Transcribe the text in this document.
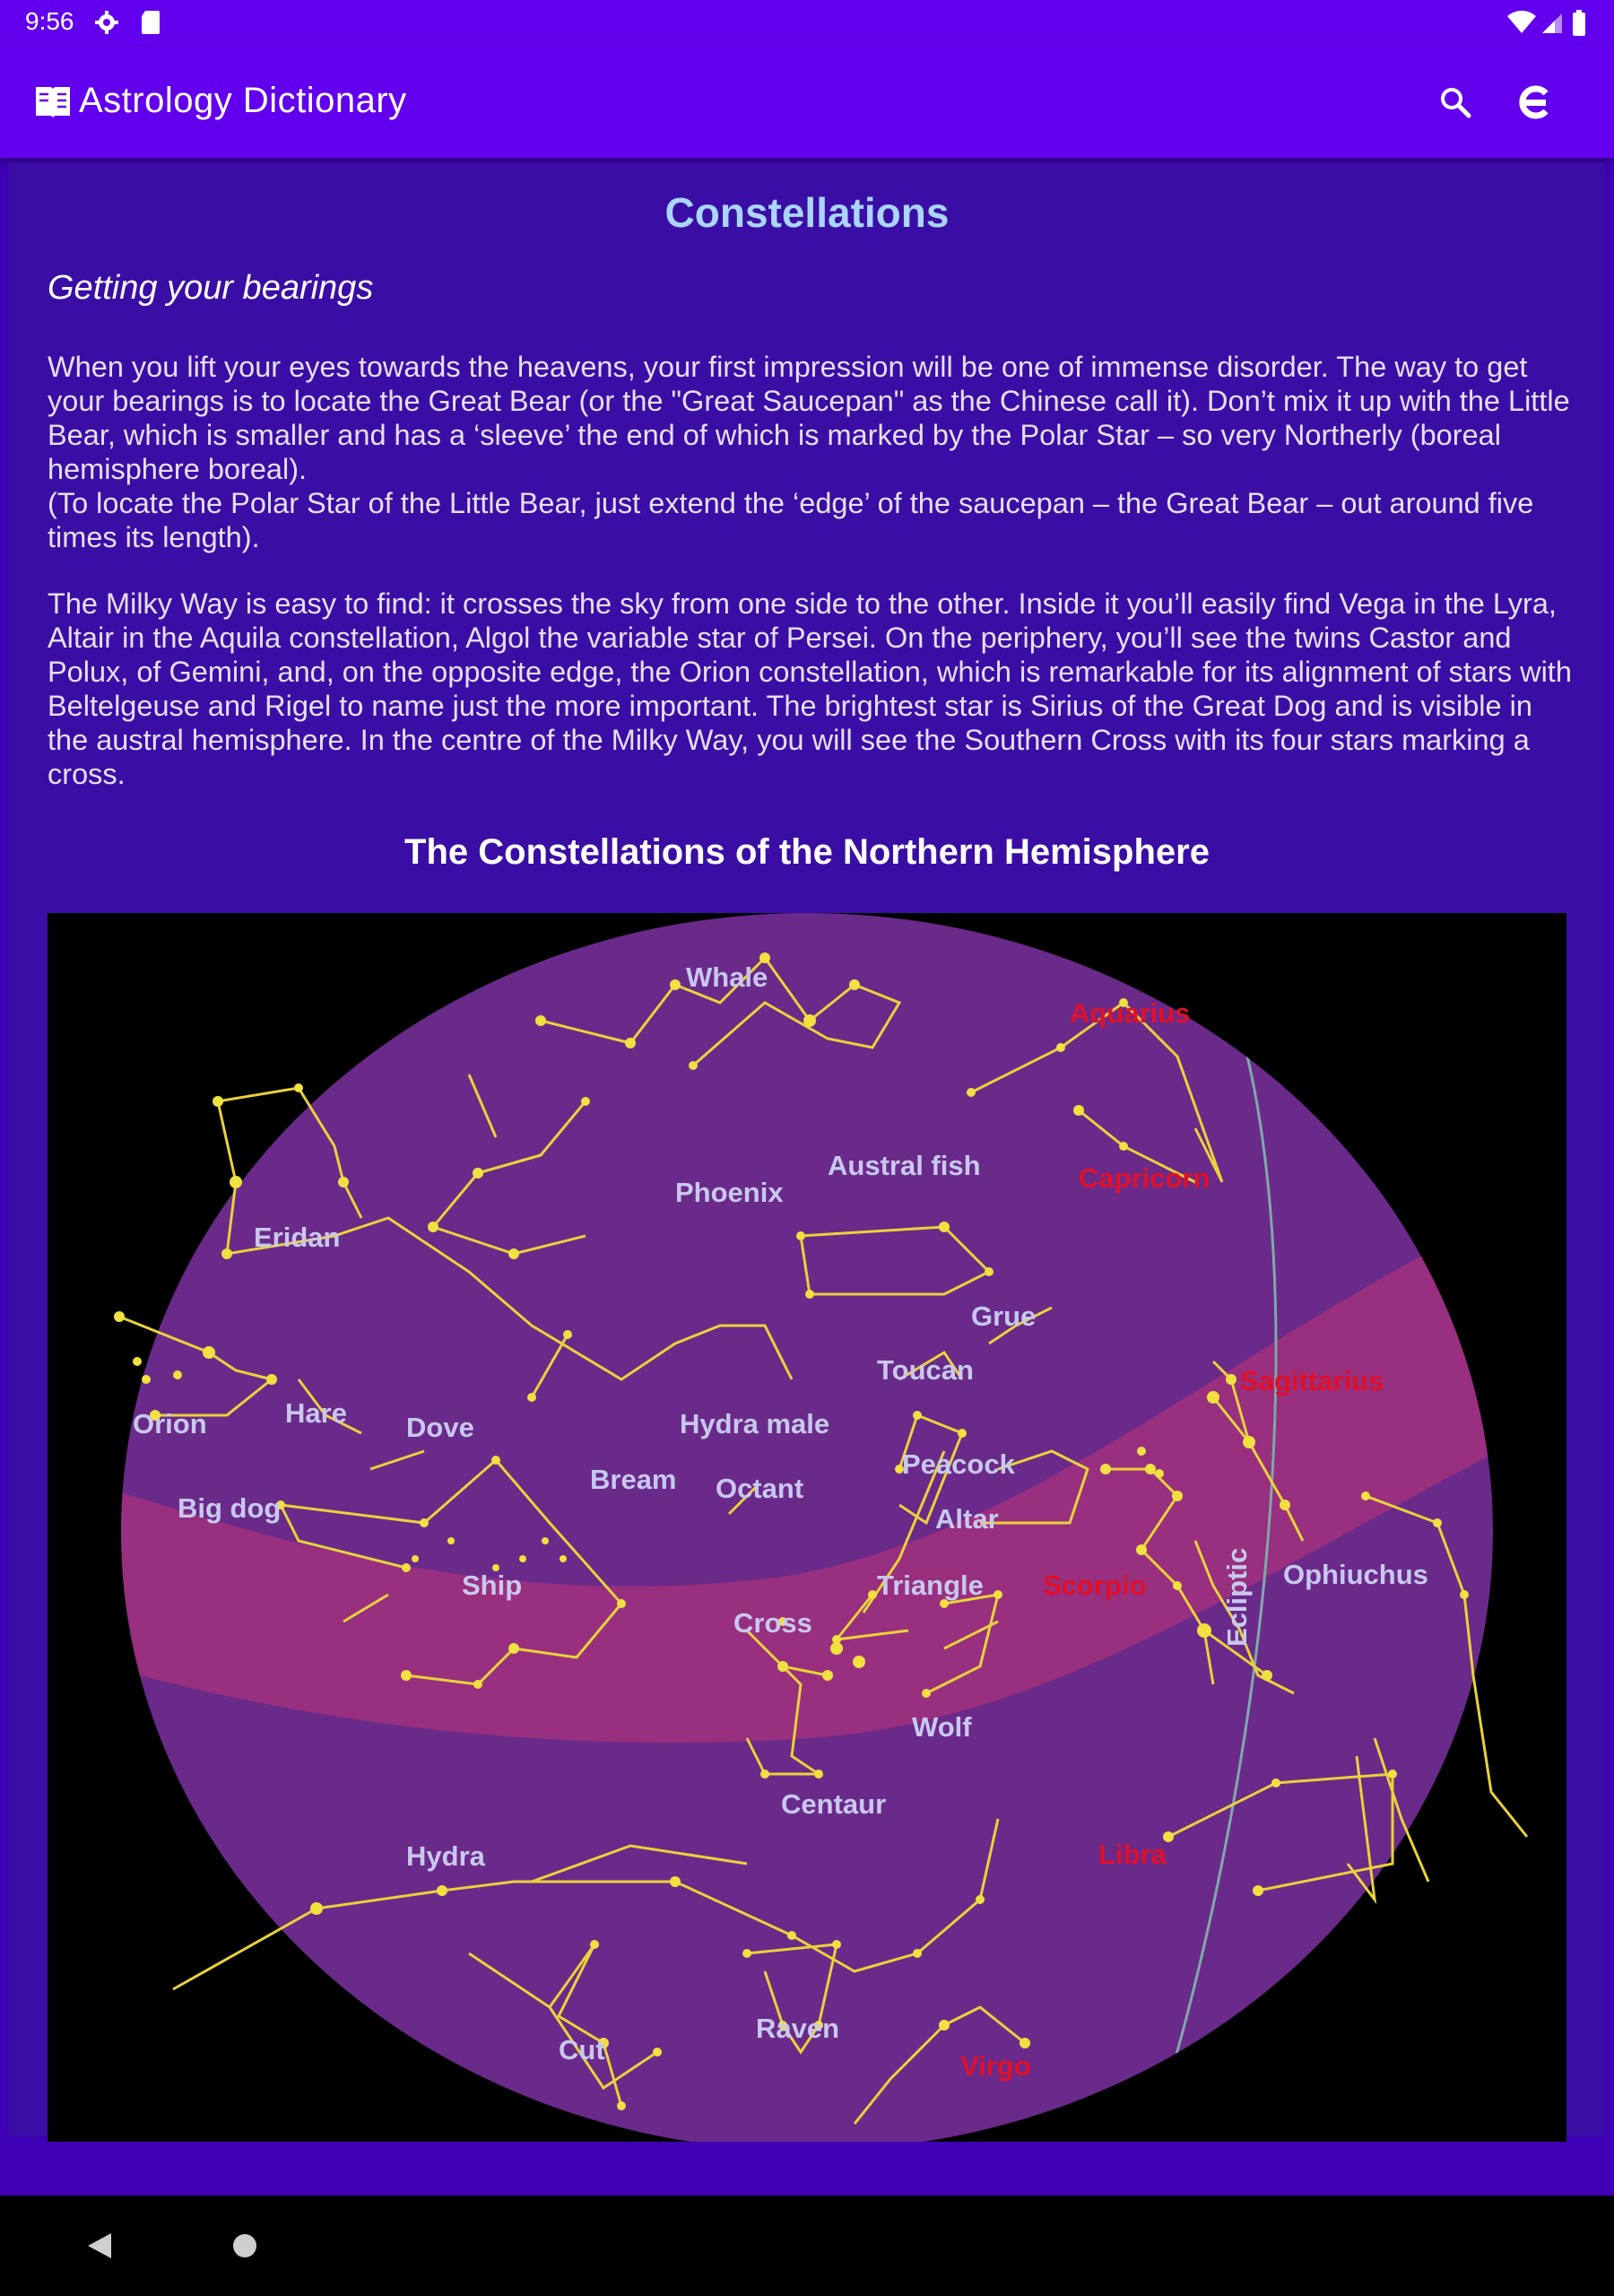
9:56
Astrology Dictionary
Constellations
Getting your bearings
When you lift your eyes towards the heavens, your first impression will be one of immense disorder. The way to get your bearings is to locate the Great Bear (or the "Great Saucepan" as the Chinese call it). Don’t mix it up with the Little Bear, which is smaller and has a ‘sleeve’ the end of which is marked by the Polar Star – so very Northerly (boreal hemisphere boreal).
(To locate the Polar Star of the Little Bear, just extend the ‘edge’ of the saucepan – the Great Bear – out around five times its length).
The Milky Way is easy to find: it crosses the sky from one side to the other. Inside it you’ll easily find Vega in the Lyra, Altair in the Aquila constellation, Algol the variable star of Persei. On the periphery, you’ll see the twins Castor and Polux, of Gemini, and, on the opposite edge, the Orion constellation, which is remarkable for its alignment of stars with Beltelgeuse and Rigel to name just the more important. The brightest star is Sirius of the Great Dog and is visible in the austral hemisphere. In the centre of the Milky Way, you will see the Southern Cross with its four stars marking a cross.
The Constellations of the Northern Hemisphere
Whale
Austral fish
Phoenix
Eridan
Grue
Toucan
Orion	Hare Dove	Hydra male
Peacock
Bream Octant
Big dog	Altar
Ship	Triangle
Cross
Ophiuchus
Wolf
Centaur
Hydra
Raven
Cut
Ecliptic
Aquarius
Capricorn
Sagittarius
Scorpio
Libra
Virgo
